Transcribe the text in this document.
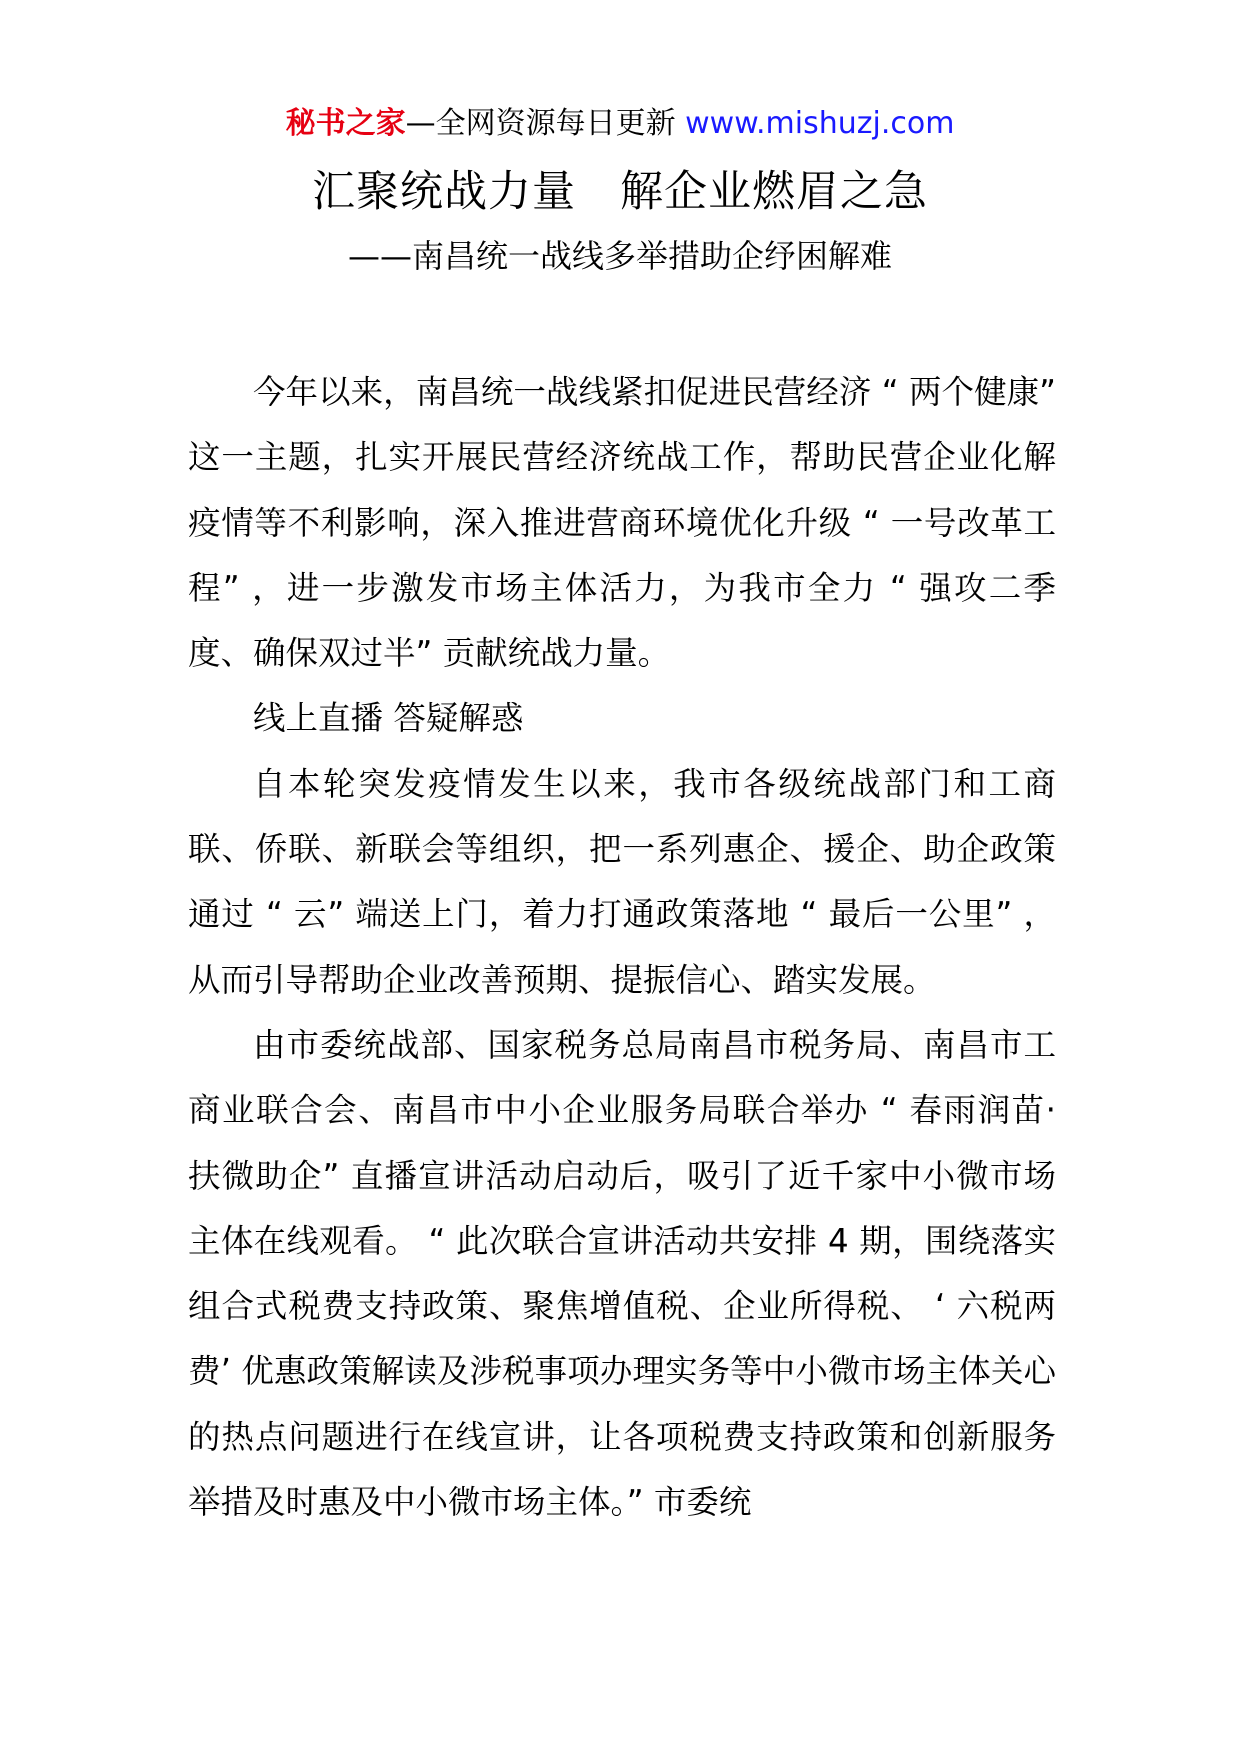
秘书之家—全网资源每日更新 www.mishuzj.com
汇聚统战力量　解企业燃眉之急
——南昌统一战线多举措助企纾困解难

今年以来，南昌统一战线紧扣促进民营经济 “ 两个健康” 这一主题，扎实开展民营经济统战工作，帮助民营企业化解疫情等不利影响，深入推进营商环境优化升级 “ 一号改革工程” ，进一步激发市场主体活力，为我市全力 “ 强攻二季度、确保双过半” 贡献统战力量。

线上直播 答疑解惑

自本轮突发疫情发生以来，我市各级统战部门和工商联、侨联、新联会等组织，把一系列惠企、援企、助企政策通过 “ 云” 端送上门，着力打通政策落地 “ 最后一公里” ，从而引导帮助企业改善预期、提振信心、踏实发展。

由市委统战部、国家税务总局南昌市税务局、南昌市工商业联合会、南昌市中小企业服务局联合举办 “ 春雨润苗· 扶微助企” 直播宣讲活动启动后，吸引了近千家中小微市场主体在线观看。 “ 此次联合宣讲活动共安排 4 期，围绕落实组合式税费支持政策、聚焦增值税、企业所得税、 ‘ 六税两费’ 优惠政策解读及涉税事项办理实务等中小微市场主体关心的热点问题进行在线宣讲，让各项税费支持政策和创新服务举措及时惠及中小微市场主体。” 市委统
